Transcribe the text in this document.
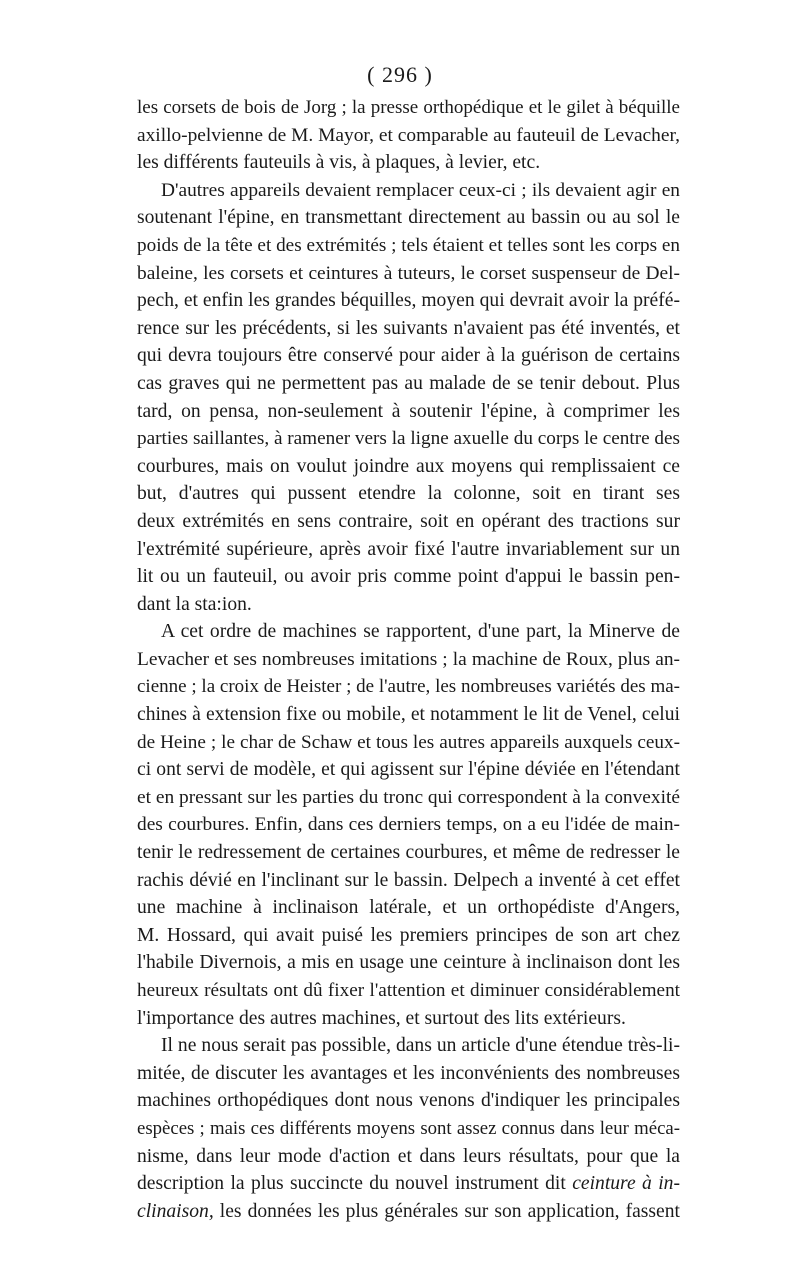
( 296 )
les corsets de bois de Jorg ; la presse orthopédique et le gilet à béquille
axillo-pelvienne de M. Mayor, et comparable au fauteuil de Levacher,
les différents fauteuils à vis, à plaques, à levier, etc.
D'autres appareils devaient remplacer ceux-ci ; ils devaient agir en
soutenant l'épine, en transmettant directement au bassin ou au sol le
poids de la tête et des extrémités ; tels étaient et telles sont les corps en
baleine, les corsets et ceintures à tuteurs, le corset suspenseur de Del-
pech, et enfin les grandes béquilles, moyen qui devrait avoir la préfé-
rence sur les précédents, si les suivants n'avaient pas été inventés, et
qui devra toujours être conservé pour aider à la guérison de certains
cas graves qui ne permettent pas au malade de se tenir debout. Plus
tard, on pensa, non-seulement à soutenir l'épine, à comprimer les
parties saillantes, à ramener vers la ligne axuelle du corps le centre des
courbures, mais on voulut joindre aux moyens qui remplissaient ce
but, d'autres qui pussent etendre la colonne, soit en tirant ses
deux extrémités en sens contraire, soit en opérant des tractions sur
l'extrémité supérieure, après avoir fixé l'autre invariablement sur un
lit ou un fauteuil, ou avoir pris comme point d'appui le bassin pen-
dant la sta:ion.
A cet ordre de machines se rapportent, d'une part, la Minerve de
Levacher et ses nombreuses imitations ; la machine de Roux, plus an-
cienne ; la croix de Heister ; de l'autre, les nombreuses variétés des ma-
chines à extension fixe ou mobile, et notamment le lit de Venel, celui
de Heine ; le char de Schaw et tous les autres appareils auxquels ceux-
ci ont servi de modèle, et qui agissent sur l'épine déviée en l'étendant
et en pressant sur les parties du tronc qui correspondent à la convexité
des courbures. Enfin, dans ces derniers temps, on a eu l'idée de main-
tenir le redressement de certaines courbures, et même de redresser le
rachis dévié en l'inclinant sur le bassin. Delpech a inventé à cet effet
une machine à inclinaison latérale, et un orthopédiste d'Angers,
M. Hossard, qui avait puisé les premiers principes de son art chez
l'habile Divernois, a mis en usage une ceinture à inclinaison dont les
heureux résultats ont dû fixer l'attention et diminuer considérablement
l'importance des autres machines, et surtout des lits extérieurs.
Il ne nous serait pas possible, dans un article d'une étendue très-li-
mitée, de discuter les avantages et les inconvénients des nombreuses
machines orthopédiques dont nous venons d'indiquer les principales
espèces ; mais ces différents moyens sont assez connus dans leur méca-
nisme, dans leur mode d'action et dans leurs résultats, pour que la
description la plus succincte du nouvel instrument dit ceinture à in-
clinaison, les données les plus générales sur son application, fassent
